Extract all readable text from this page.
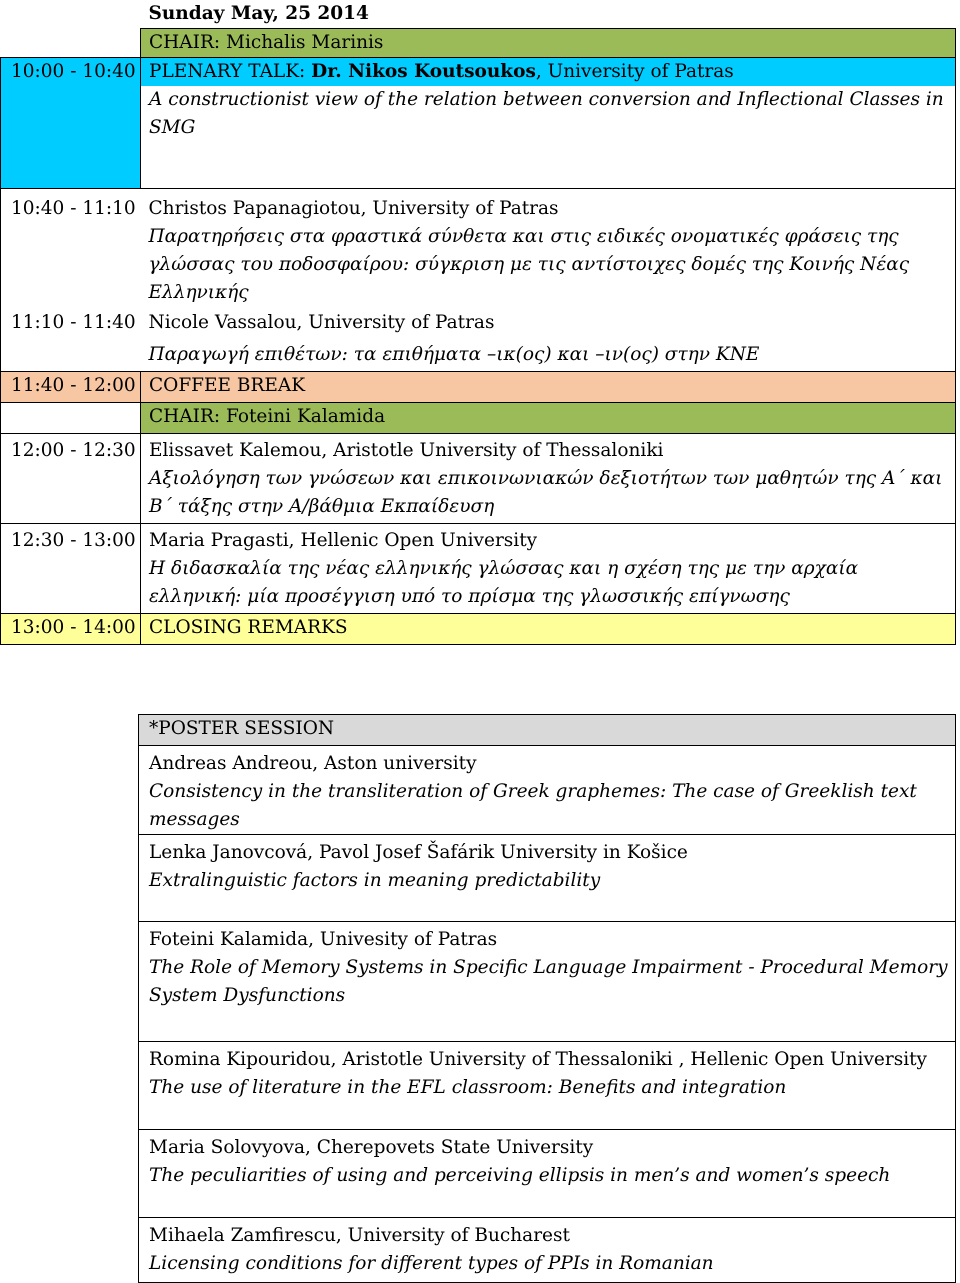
	Sunday May, 25 2014
	CHAIR: Michalis Marinis
10:00 - 10:40	PLENARY TALK: Dr. Nikos Koutsoukos, University of Patras
A constructionist view of the relation between conversion and Inflectional Classes in SMG

10:40 - 11:10	Christos Papanagiotou, University of Patras
Παρατηρήσεις στα φραστικά σύνθετα και στις ειδικές ονοματικές φράσεις της γλώσσας του ποδοσφαίρου: σύγκριση με τις αντίστοιχες δομές της Κοινής Νέας Ελληνικής

11:10 - 11:40	Nicole Vassalou, University of Patras
Παραγωγή επιθέτων: τα επιθήματα –ικ(ος) και –ιν(ος) στην ΚΝΕ

11:40 - 12:00	COFFEE BREAK
	CHAIR: Foteini Kalamida
12:00 - 12:30	Elissavet Kalemou, Aristotle University of Thessaloniki
Αξιολόγηση των γνώσεων και επικοινωνιακών δεξιοτήτων των μαθητών της Α΄ και Β΄ τάξης στην Α/βάθμια Εκπαίδευση

12:30 - 13:00	Maria Pragasti, Hellenic Open University
Η διδασκαλία της νέας ελληνικής γλώσσας και η σχέση της με την αρχαία ελληνική: μία προσέγγιση υπό το πρίσμα της γλωσσικής επίγνωσης

13:00 - 14:00	CLOSING REMARKS
*POSTER SESSION

Andreas Andreou, Aston university
Consistency in the transliteration of Greek graphemes: The case of Greeklish text messages

Lenka Janovcová, Pavol Josef Šafárik University in Košice
Extralinguistic factors in meaning predictability

Foteini Kalamida, Univesity of Patras
The Role of Memory Systems in Specific Language Impairment - Procedural Memory System Dysfunctions

Romina Kipouridou, Aristotle University of Thessaloniki , Hellenic Open University
The use of literature in the EFL classroom: Benefits and integration

Maria Solovyova, Cherepovets State University
The peculiarities of using and perceiving ellipsis in men’s and women’s speech

Mihaela Zamfirescu, University of Bucharest
Licensing conditions for different types of PPIs in Romanian
